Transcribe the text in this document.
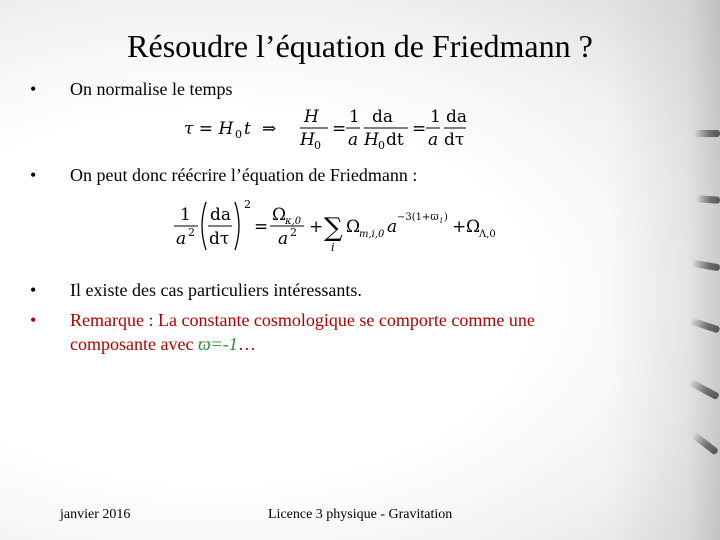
Résoudre l’équation de Friedmann ?
• On normalise le temps
τ = H 0 t ⇒
H
H 0
=
1
a
da
H 0 dt
=
1
a
da
dτ
• On peut donc réécrire l’équation de Friedmann :
1
a 2
da
dτ
2
=
Ω
κ,0
a 2 + ∑
i
Ω
m,i,0 a −3(1+ϖ i ) + Ω
Λ,0
• Il existe des cas particuliers intéressants.
• Remarque : La constante cosmologique se comporte comme une
composante avec ϖ=-1…
janvier 2016	Licence 3 physique - Gravitation
